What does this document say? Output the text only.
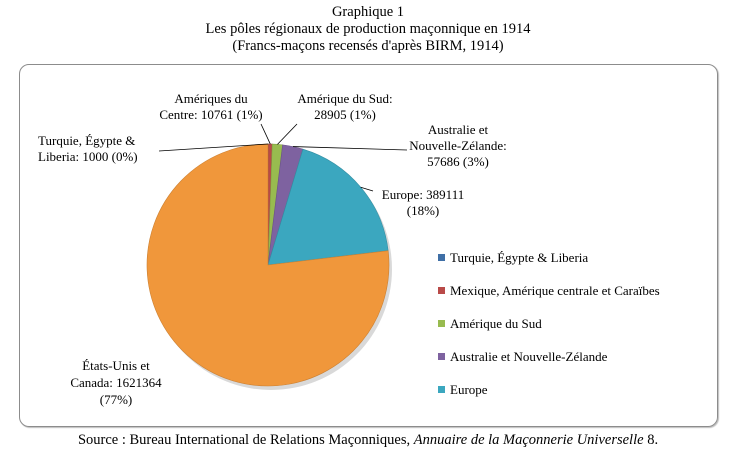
Graphique 1
Les pôles régionaux de production maçonnique en 1914
(Francs-maçons recensés d'après BIRM, 1914)
Turquie, Égypte &
Liberia: 1000 (0%)
Amériques du
Centre: 10761 (1%)
Amérique du Sud:
28905 (1%)
Australie et
Nouvelle-Zélande:
57686 (3%)
Europe: 389111
(18%)
États-Unis et
Canada: 1621364
(77%)
Turquie, Égypte & Liberia
Mexique, Amérique centrale et Caraïbes
Amérique du Sud
Australie et Nouvelle-Zélande
Europe
Source : Bureau International de Relations Maçonniques, Annuaire de la Maçonnerie Universelle 8.
